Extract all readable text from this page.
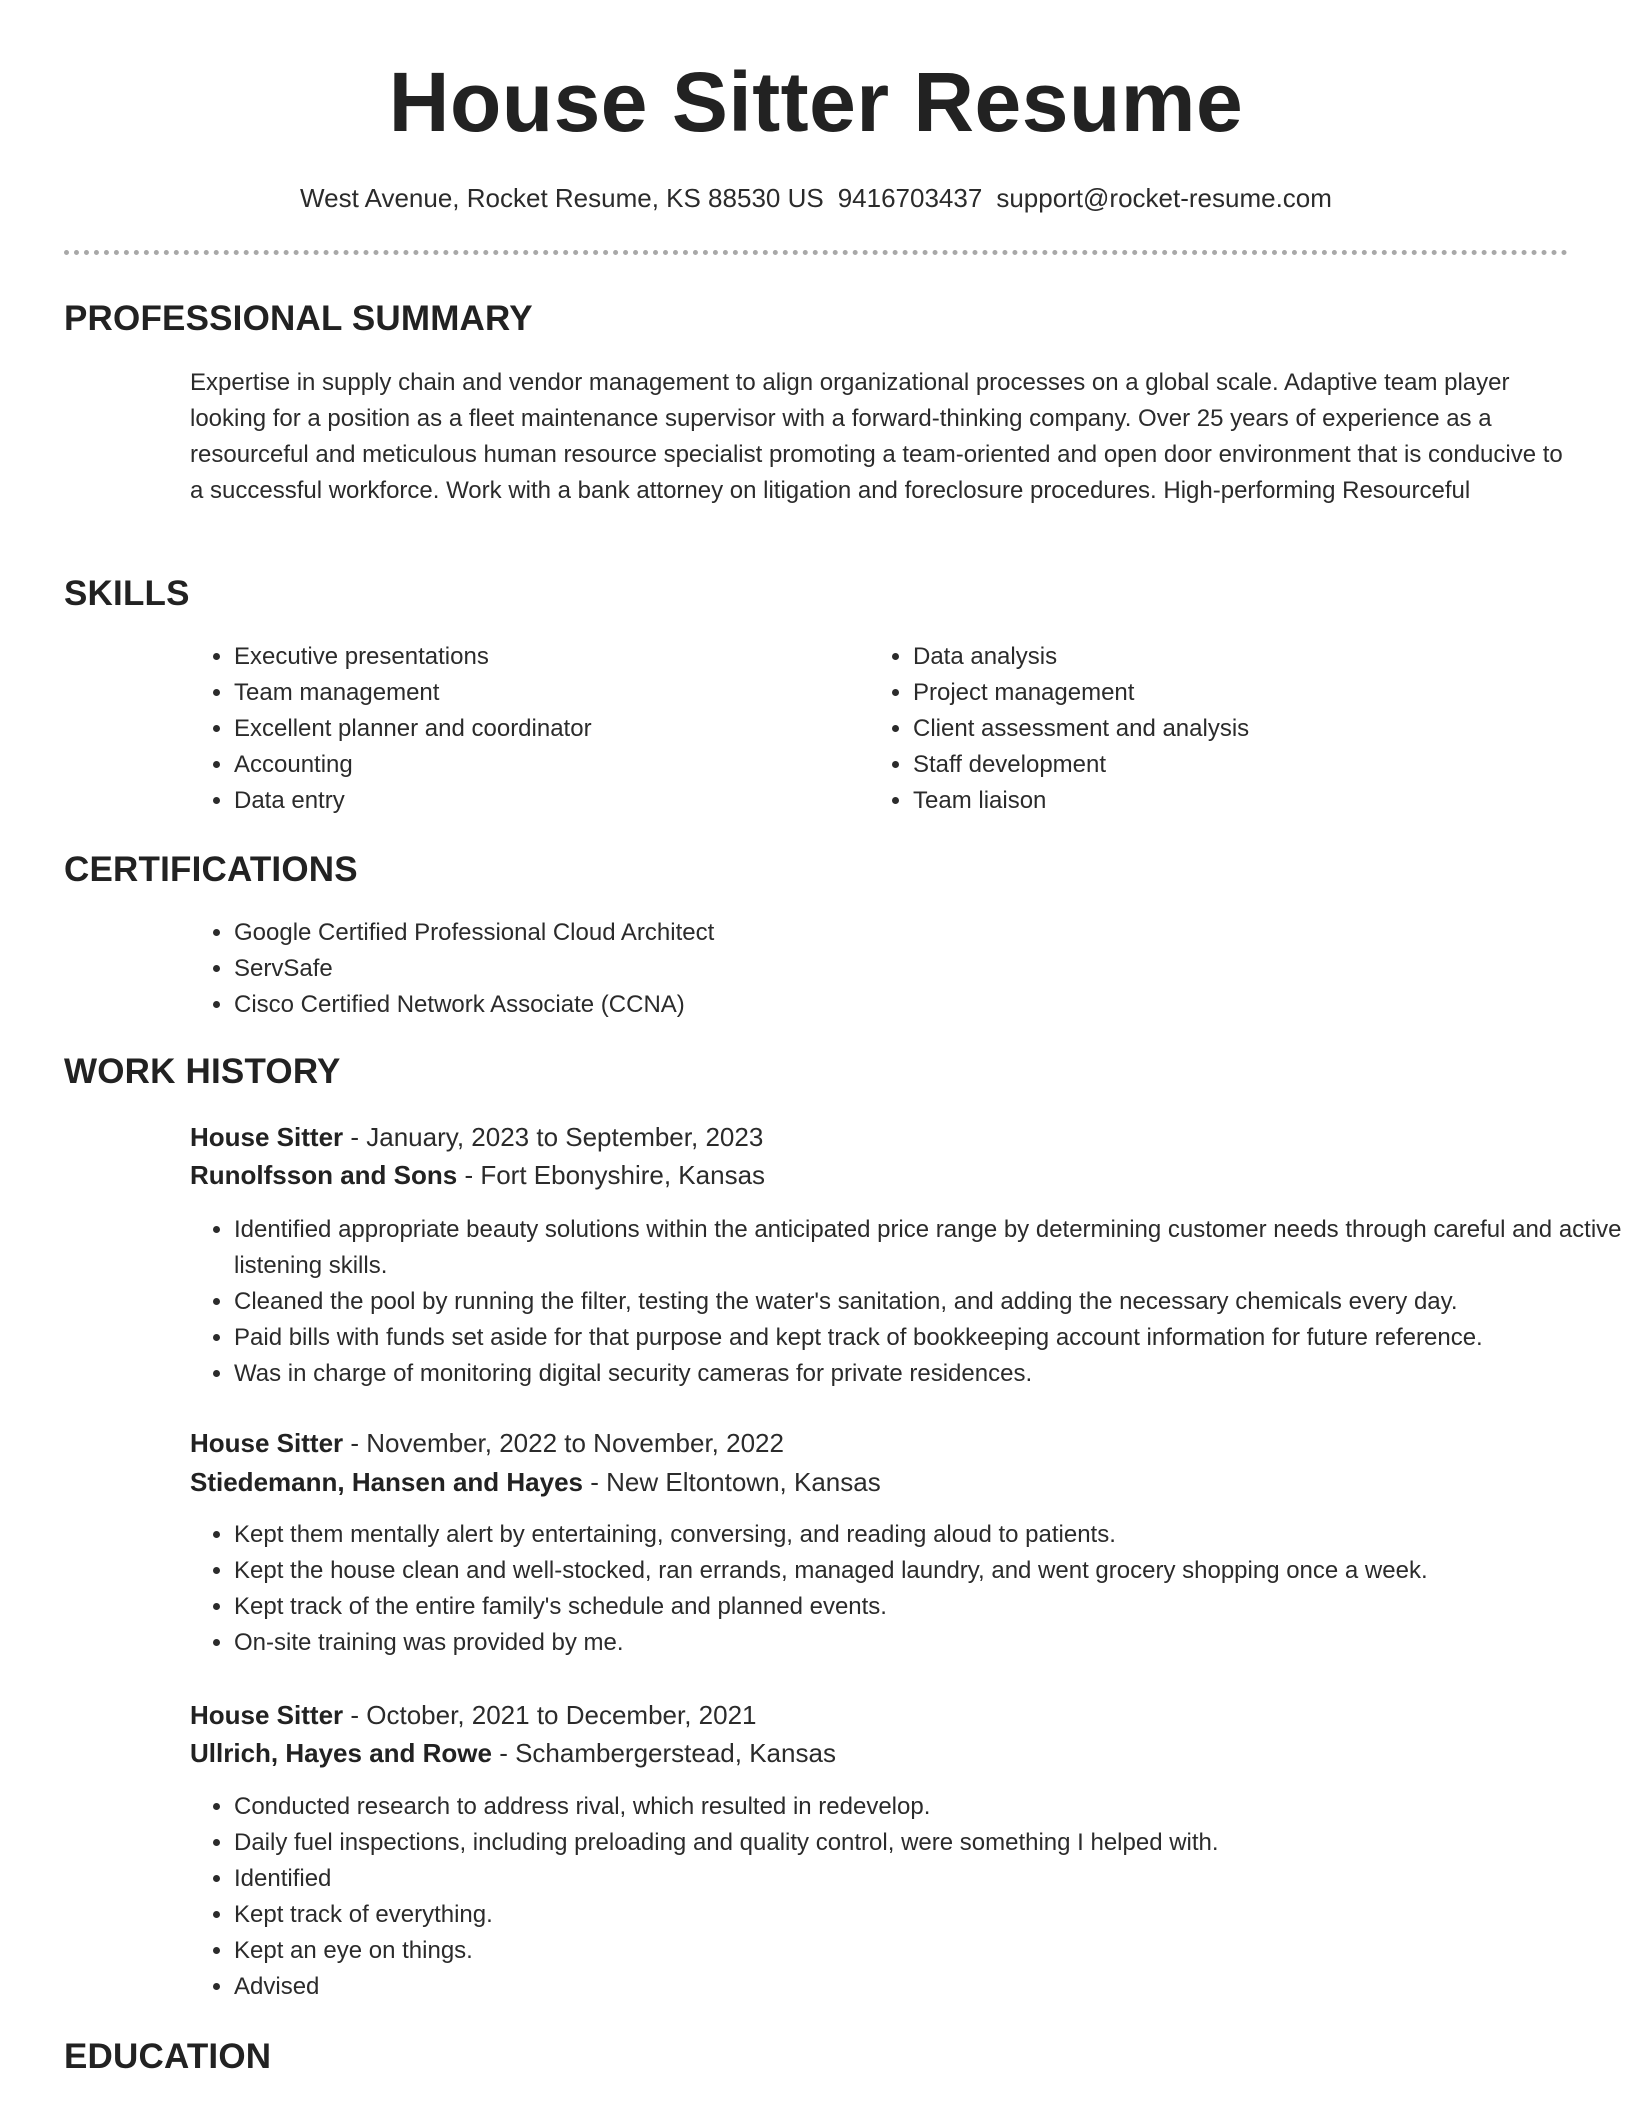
House Sitter Resume
West Avenue, Rocket Resume, KS 88530 US 9416703437 support@rocket-resume.com
PROFESSIONAL SUMMARY

Expertise in supply chain and vendor management to align organizational processes on a global scale. Adaptive team player looking for a position as a fleet maintenance supervisor with a forward-thinking company. Over 25 years of experience as a resourceful and meticulous human resource specialist promoting a team-oriented and open door environment that is conducive to a successful workforce. Work with a bank attorney on litigation and foreclosure procedures. High-performing Resourceful

SKILLS
• Executive presentations
• Team management
• Excellent planner and coordinator
• Accounting
• Data entry
• Data analysis
• Project management
• Client assessment and analysis
• Staff development
• Team liaison
CERTIFICATIONS
• Google Certified Professional Cloud Architect
• ServSafe
• Cisco Certified Network Associate (CCNA)
WORK HISTORY
House Sitter - January, 2023 to September, 2023
Runolfsson and Sons - Fort Ebonyshire, Kansas
• Identified appropriate beauty solutions within the anticipated price range by determining customer needs through careful and active listening skills.
• Cleaned the pool by running the filter, testing the water's sanitation, and adding the necessary chemicals every day.
• Paid bills with funds set aside for that purpose and kept track of bookkeeping account information for future reference.
• Was in charge of monitoring digital security cameras for private residences.
House Sitter - November, 2022 to November, 2022
Stiedemann, Hansen and Hayes - New Eltontown, Kansas
• Kept them mentally alert by entertaining, conversing, and reading aloud to patients.
• Kept the house clean and well-stocked, ran errands, managed laundry, and went grocery shopping once a week.
• Kept track of the entire family's schedule and planned events.
• On-site training was provided by me.
House Sitter - October, 2021 to December, 2021
Ullrich, Hayes and Rowe - Schambergerstead, Kansas
• Conducted research to address rival, which resulted in redevelop.
• Daily fuel inspections, including preloading and quality control, were something I helped with.
• Identified
• Kept track of everything.
• Kept an eye on things.
• Advised
EDUCATION
